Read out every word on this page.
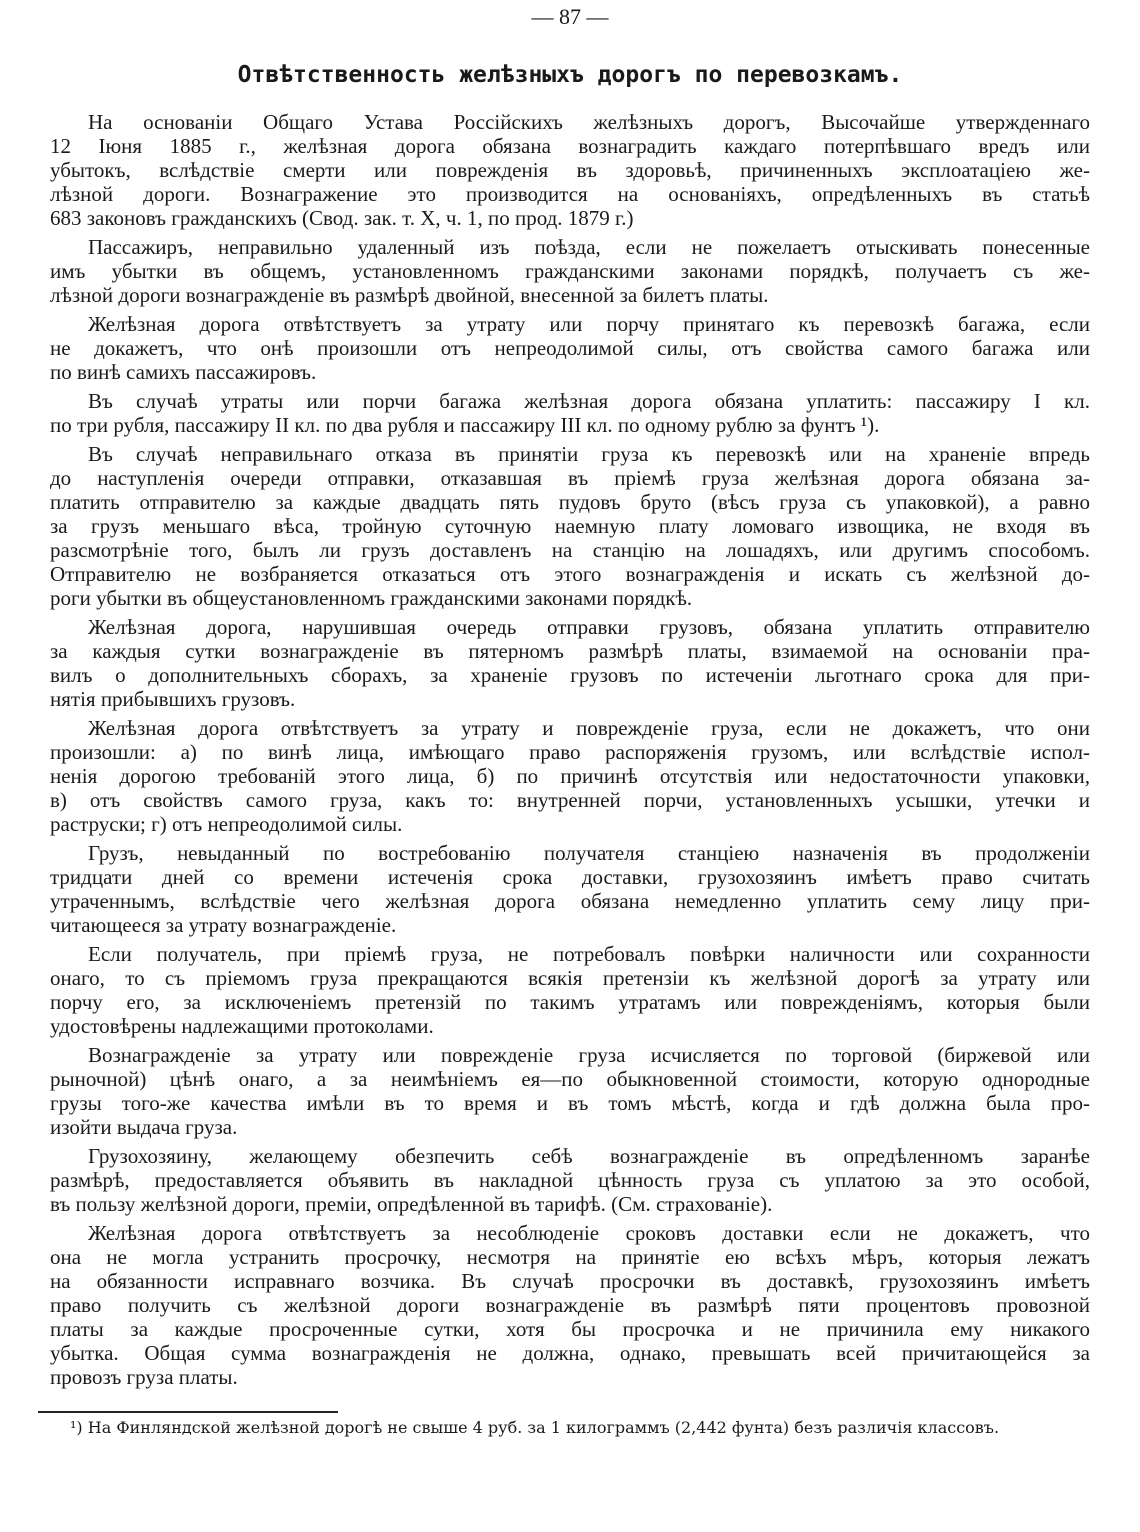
— 87 —
Отвѣтственность желѣзныхъ дорогъ по перевозкамъ.
На основаніи Общаго Устава Россійскихъ желѣзныхъ дорогъ, Высочайше утвержденнаго
12 Іюня 1885 г., желѣзная дорога обязана вознаградить каждаго потерпѣвшаго вредъ или
убытокъ, вслѣдствіе смерти или поврежденія въ здоровьѣ, причиненныхъ эксплоатаціею же-
лѣзной дороги. Вознагражение это производится на основаніяхъ, опредѣленныхъ въ статьѣ
683 законовъ гражданскихъ (Свод. зак. т. X, ч. 1, по прод. 1879 г.)
Пассажиръ, неправильно удаленный изъ поѣзда, если не пожелаетъ отыскивать понесенные
имъ убытки въ общемъ, установленномъ гражданскими законами порядкѣ, получаетъ съ же-
лѣзной дороги вознагражденіе въ размѣрѣ двойной, внесенной за билетъ платы.
Желѣзная дорога отвѣтствуетъ за утрату или порчу принятаго къ перевозкѣ багажа, если
не докажетъ, что онѣ произошли отъ непреодолимой силы, отъ свойства самого багажа или
по винѣ самихъ пассажировъ.
Въ случаѣ утраты или порчи багажа желѣзная дорога обязана уплатить: пассажиру I кл.
по три рубля, пассажиру II кл. по два рубля и пассажиру III кл. по одному рублю за фунтъ ¹).
Въ случаѣ неправильнаго отказа въ принятіи груза къ перевозкѣ или на храненіе впредь
до наступленія очереди отправки, отказавшая въ пріемѣ груза желѣзная дорога обязана за-
платить отправителю за каждые двадцать пять пудовъ бруто (вѣсъ груза съ упаковкой), а равно
за грузъ меньшаго вѣса, тройную суточную наемную плату ломоваго извощика, не входя въ
разсмотрѣніе того, былъ ли грузъ доставленъ на станцію на лошадяхъ, или другимъ способомъ.
Отправителю не возбраняется отказаться отъ этого вознагражденія и искать съ желѣзной до-
роги убытки въ общеустановленномъ гражданскими законами порядкѣ.
Желѣзная дорога, нарушившая очередь отправки грузовъ, обязана уплатить отправителю
за каждыя сутки вознагражденіе въ пятерномъ размѣрѣ платы, взимаемой на основаніи пра-
вилъ о дополнительныхъ сборахъ, за храненіе грузовъ по истеченіи льготнаго срока для при-
нятія прибывшихъ грузовъ.
Желѣзная дорога отвѣтствуетъ за утрату и поврежденіе груза, если не докажетъ, что они
произошли: а) по винѣ лица, имѣющаго право распоряженія грузомъ, или вслѣдствіе испол-
ненія дорогою требованій этого лица, б) по причинѣ отсутствія или недостаточности упаковки,
в) отъ свойствъ самого груза, какъ то: внутренней порчи, установленныхъ усышки, утечки и
раструски; г) отъ непреодолимой силы.
Грузъ, невыданный по востребованію получателя станціею назначенія въ продолженіи
тридцати дней со времени истеченія срока доставки, грузохозяинъ имѣетъ право считать
утраченнымъ, вслѣдствіе чего желѣзная дорога обязана немедленно уплатить сему лицу при-
читающееся за утрату вознагражденіе.
Если получатель, при пріемѣ груза, не потребовалъ повѣрки наличности или сохранности
онаго, то съ пріемомъ груза прекращаются всякія претензіи къ желѣзной дорогѣ за утрату или
порчу его, за исключеніемъ претензій по такимъ утратамъ или поврежденіямъ, которыя были
удостовѣрены надлежащими протоколами.
Вознагражденіе за утрату или поврежденіе груза исчисляется по торговой (биржевой или
рыночной) цѣнѣ онаго, а за неимѣніемъ ея—по обыкновенной стоимости, которую однородные
грузы того-же качества имѣли въ то время и въ томъ мѣстѣ, когда и гдѣ должна была про-
изойти выдача груза.
Грузохозяину, желающему обезпечить себѣ вознагражденіе въ опредѣленномъ заранѣе
размѣрѣ, предоставляется объявить въ накладной цѣнность груза съ уплатою за это особой,
въ пользу желѣзной дороги, преміи, опредѣленной въ тарифѣ. (См. страхованіе).
Желѣзная дорога отвѣтствуетъ за несоблюденіе сроковъ доставки если не докажетъ, что
она не могла устранить просрочку, несмотря на принятіе ею всѣхъ мѣръ, которыя лежатъ
на обязанности исправнаго возчика. Въ случаѣ просрочки въ доставкѣ, грузохозяинъ имѣетъ
право получить съ желѣзной дороги вознагражденіе въ размѣрѣ пяти процентовъ провозной
платы за каждые просроченные сутки, хотя бы просрочка и не причинила ему никакого
убытка. Общая сумма вознагражденія не должна, однако, превышать всей причитающейся за
провозъ груза платы.
¹) На Финляндской желѣзной дорогѣ не свыше 4 руб. за 1 килограммъ (2,442 фунта) безъ различія классовъ.
